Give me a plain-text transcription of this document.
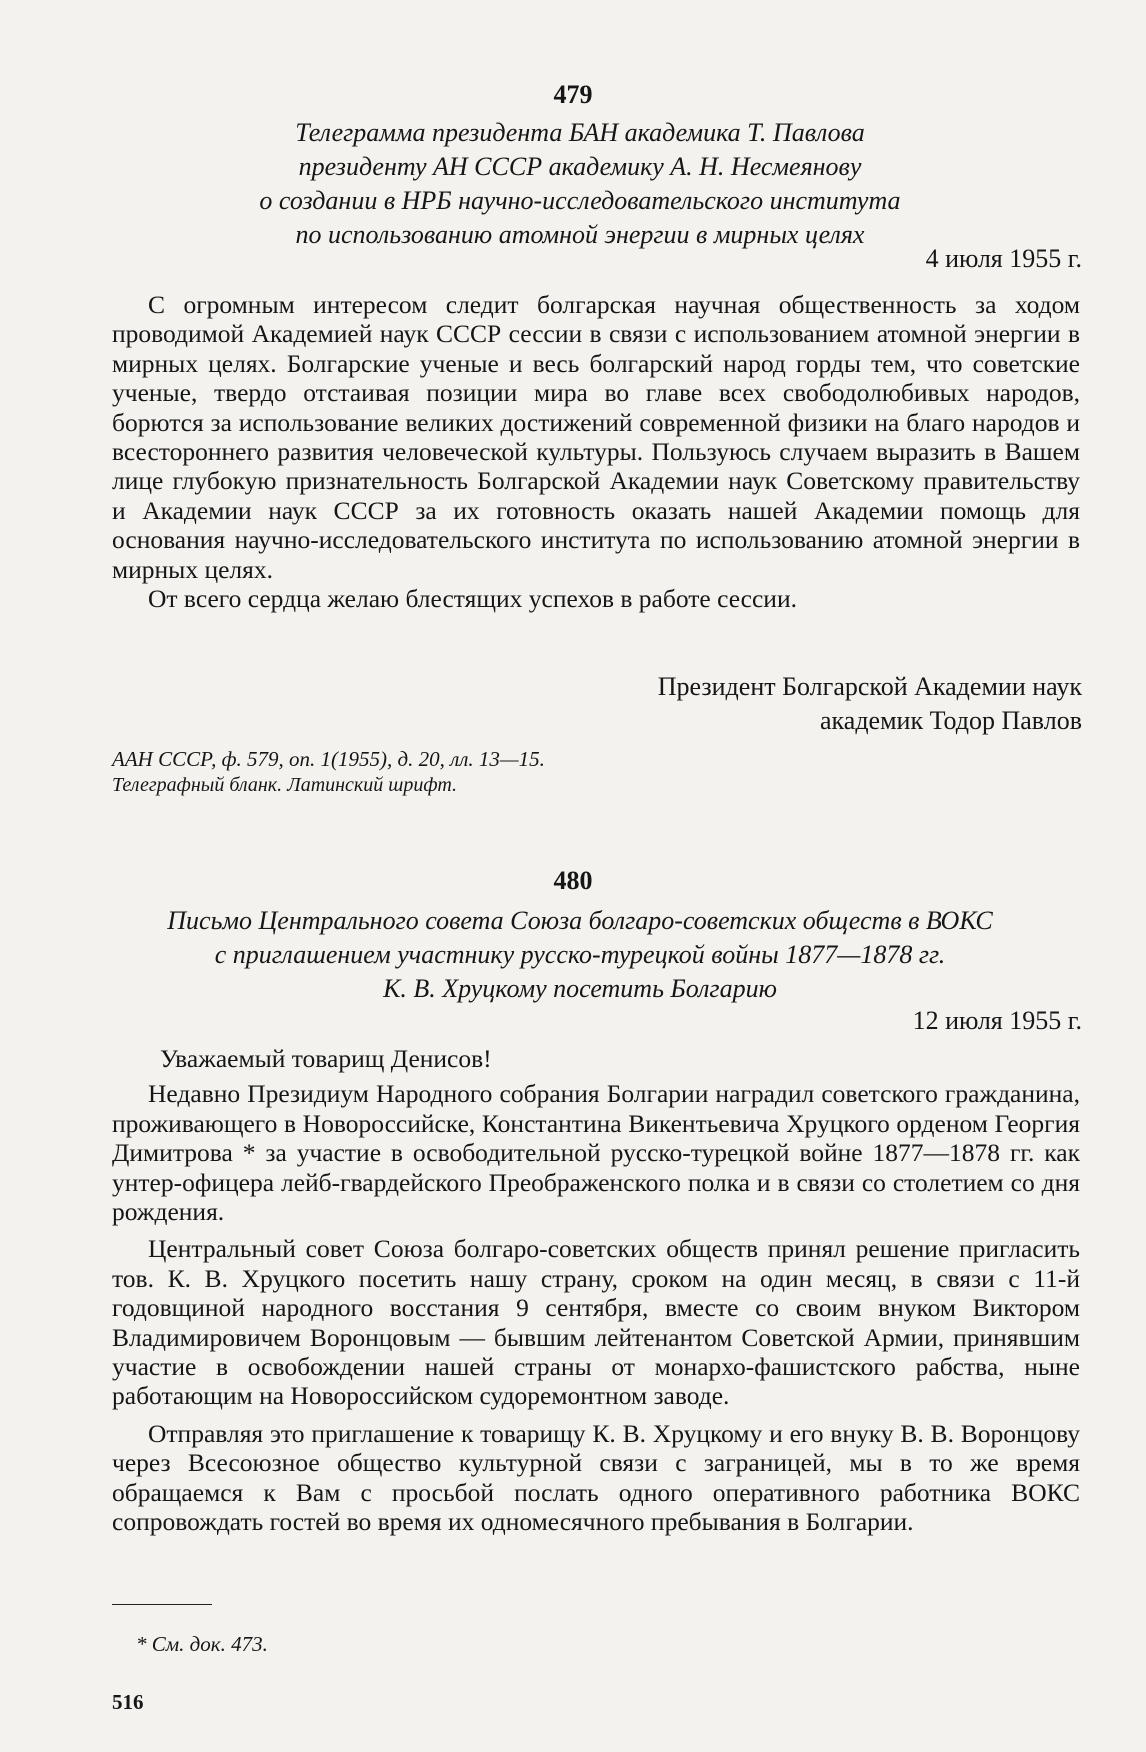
479
Телеграмма президента БАН академика Т. Павлова
президенту АН СССР академику А. Н. Несмеянову
о создании в НРБ научно-исследовательского института
по использованию атомной энергии в мирных целях
4 июля 1955 г.

С огромным интересом следит болгарская научная общественность за ходом проводимой Академией наук СССР сессии в связи с использованием атомной энергии в мирных целях. Болгарские ученые и весь болгарский народ горды тем, что советские ученые, твердо отстаивая позиции мира во главе всех свободолюбивых народов, борются за использование великих достижений современной физики на благо народов и всестороннего развития человеческой культуры. Пользуюсь случаем выразить в Вашем лице глубокую признательность Болгарской Академии наук Советскому правительству и Академии наук СССР за их готовность оказать нашей Академии помощь для основания научно-исследовательского института по использованию атомной энергии в мирных целях.

От всего сердца желаю блестящих успехов в работе сессии.

Президент Болгарской Академии наук
академик Тодор Павлов
ААН СССР, ф. 579, оп. 1(1955), д. 20, лл. 13—15.
Телеграфный бланк. Латинский шрифт.
480
Письмо Центрального совета Союза болгаро-советских обществ в ВОКС
с приглашением участнику русско-турецкой войны 1877—1878 гг.
К. В. Хруцкому посетить Болгарию
12 июля 1955 г.

Уважаемый товарищ Денисов!

Недавно Президиум Народного собрания Болгарии наградил советского гражданина, проживающего в Новороссийске, Константина Викентьевича Хруцкого орденом Георгия Димитрова * за участие в освободительной русско-турецкой войне 1877—1878 гг. как унтер-офицера лейб-гвардейского Преображенского полка и в связи со столетием со дня рождения.

Центральный совет Союза болгаро-советских обществ принял решение пригласить тов. К. В. Хруцкого посетить нашу страну, сроком на один месяц, в связи с 11-й годовщиной народного восстания 9 сентября, вместе со своим внуком Виктором Владимировичем Воронцовым — бывшим лейтенантом Советской Армии, принявшим участие в освобождении нашей страны от монархо-фашистского рабства, ныне работающим на Новороссийском судоремонтном заводе.

Отправляя это приглашение к товарищу К. В. Хруцкому и его внуку В. В. Воронцову через Всесоюзное общество культурной связи с заграницей, мы в то же время обращаемся к Вам с просьбой послать одного оперативного работника ВОКС сопровождать гостей во время их одномесячного пребывания в Болгарии.

* См. док. 473.
516
